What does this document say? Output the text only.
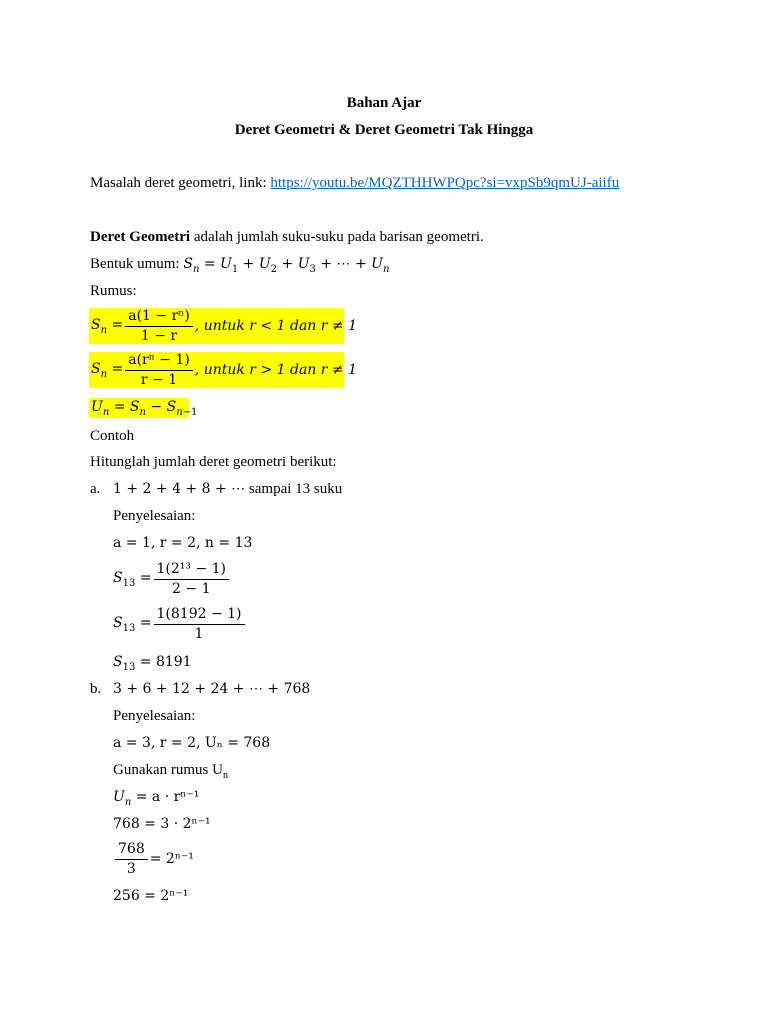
Bahan Ajar
Deret Geometri & Deret Geometri Tak Hingga
Masalah deret geometri, link: https://youtu.be/MQZTHHWPQpc?si=vxpSb9qmUJ-aiifu
Deret Geometri adalah jumlah suku-suku pada barisan geometri.
Bentuk umum: $S_n = U_1 + U_2 + U_3$ + ⋯ + $U_n$
Rumus:
$S_n = \frac{\text{a(1 − rⁿ)}}{1 - r}$ , untuk r < 1 dan r ≠ 1
$S_n = \frac{\text{a(rⁿ − 1)}}{r - 1}$ , untuk r > 1 dan r ≠ 1
$U_n = S_n - S_{n-1}$
Contoh
Hitunglah jumlah deret geometri berikut:
a. 1 + 2 + 4 + 8 + ⋯ sampai 13 suku
Penyelesaian:
a = 1, r = 2, n = 13
$S_{13} = \frac{\text{1(2¹³ − 1)}}{2 - 1}$
$S_{13} = \frac{1(8192 - 1)}{1}$
$S_{13} = 8191$
b. 3 + 6 + 12 + 24 + ⋯ + 768
Penyelesaian:
a = 3, r = 2, Uₙ = 768
Gunakan rumus $U_n$
$U_n = a \cdot r^{n-1}$
768 = 3 · 2ⁿ⁻¹
$\frac{768}{3} = 2^{n-1}$
256 = 2ⁿ⁻¹
